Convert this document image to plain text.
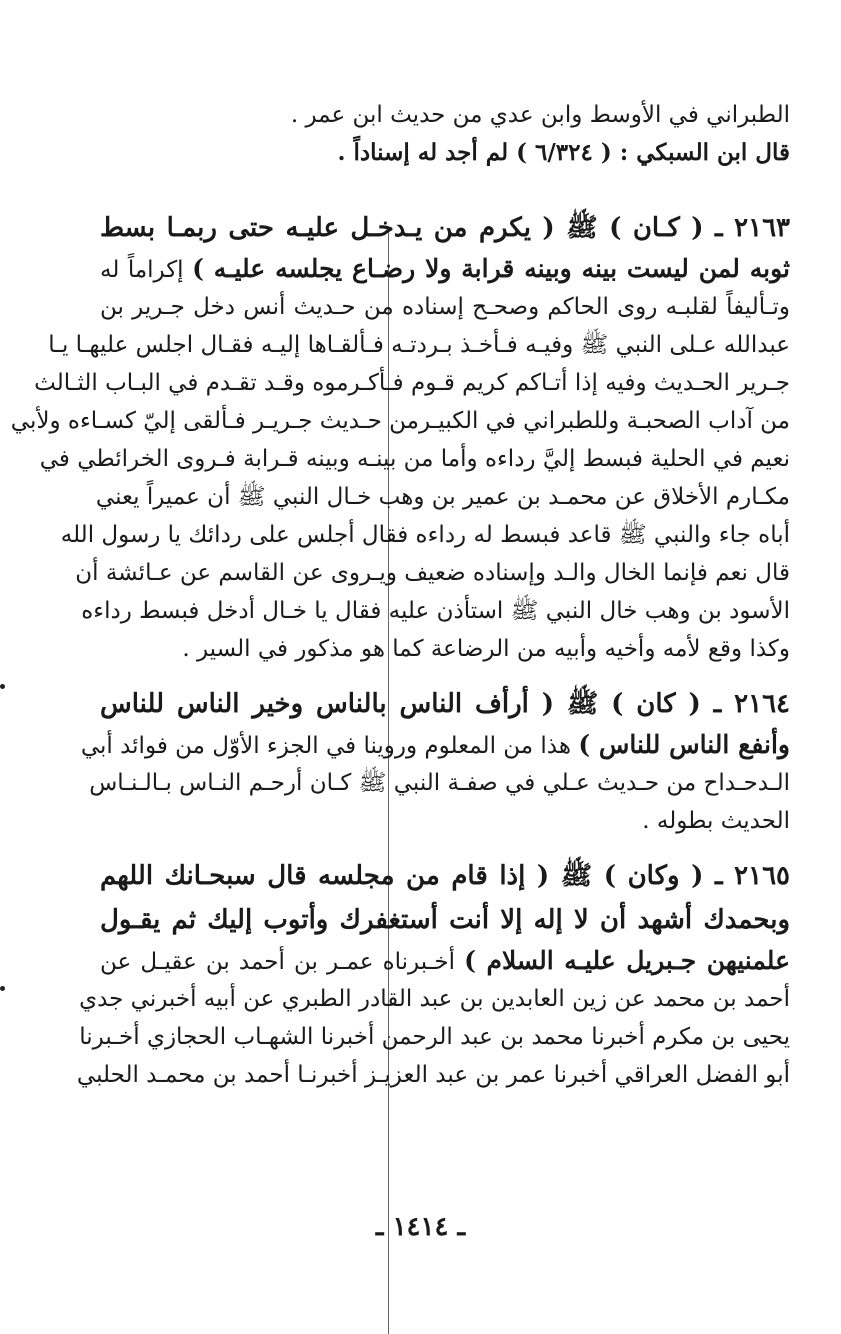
الطبراني في الأوسط وابن عدي من حديث ابن عمر .
قال ابن السبكي : ( ٦/٣٢٤ ) لم أجد له إسناداً .
٢١٦٣ ـ ( كـان ) ﷺ ( يكرم من يـدخـل عليـه حتى ربمـا بسط
ثوبه لمن ليست بينه وبينه قرابة ولا رضـاع يجلسه عليـه ) إكراماً له
وتـأليفاً لقلبـه روى الحاكم وصحـح إسناده من حـديث أنس دخل جـرير بن
عبدالله عـلى النبي ﷺ وفيـه فـأخـذ بـردتـه فـألقـاها إليـه فقـال اجلس عليهـا يـا
جـرير الحـديث وفيه إذا أتـاكم كريم قـوم فـأكـرموه وقـد تقـدم في البـاب الثـالث
من آداب الصحبـة وللطبراني في الكبيـرمن حـديث جـريـر فـألقى إليّ كسـاءه ولأبي
نعيم في الحلية فبسط إليَّ رداءه وأما من بينـه وبينه قـرابة فـروى الخرائطي في
مكـارم الأخلاق عن محمـد بن عمير بن وهب خـال النبي ﷺ أن عميراً يعني
أباه جاء والنبي ﷺ قاعد فبسط له رداءه فقال أجلس على ردائك يا رسول الله
قال نعم فإنما الخال والـد وإسناده ضعيف ويـروى عن القاسم عن عـائشة أن
الأسود بن وهب خال النبي ﷺ استأذن عليه فقال يا خـال أدخل فبسط رداءه
وكذا وقع لأمه وأخيه وأبيه من الرضاعة كما هو مذكور في السير .
٢١٦٤ ـ ( كان ) ﷺ ( أرأف الناس بالناس وخير الناس للناس
وأنفع الناس للناس ) هذا من المعلوم وروينا في الجزء الأوّل من فوائد أبي
الـدحـداح من حـديث عـلي في صفـة النبي ﷺ كـان أرحـم النـاس بـالـنـاس
الحديث بطوله .
٢١٦٥ ـ ( وكان ) ﷺ ( إذا قام من مجلسه قال سبحـانك اللهم
وبحمدك أشهد أن لا إله إلا أنت أستغفرك وأتوب إليك ثم يقـول
علمنيهن جـبريل عليـه السلام ) أخـبرناه عمـر بن أحمد بن عقيـل عن
أحمد بن محمد عن زين العابدين بن عبد القادر الطبري عن أبيه أخبرني جدي
يحيى بن مكرم أخبرنا محمد بن عبد الرحمن أخبرنا الشهـاب الحجازي أخـبرنا
أبو الفضل العراقي أخبرنا عمر بن عبد العزيـز أخبرنـا أحمد بن محمـد الحلبي
ـ ١٤١٤ ـ
